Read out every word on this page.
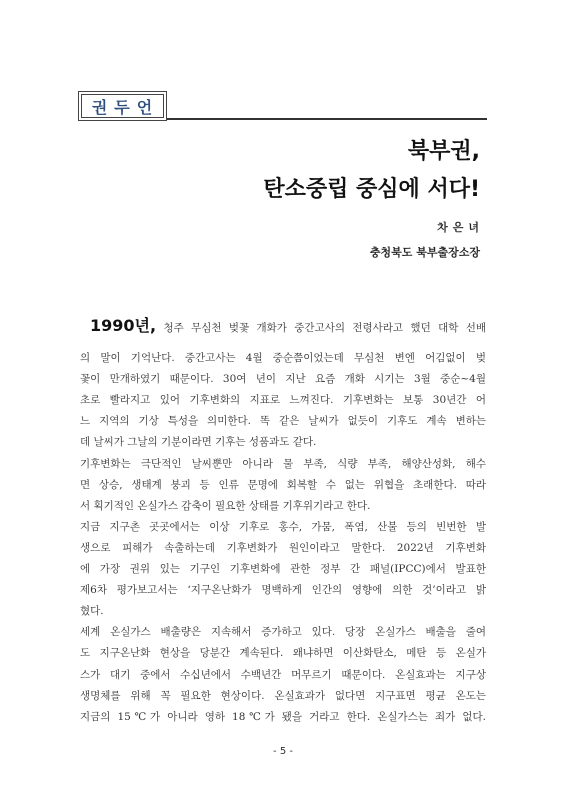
권두언
북부권,
탄소중립 중심에 서다!
차은녀
충청북도 북부출장소장
1990년, 청주 무심천 벚꽃 개화가 중간고사의 전령사라고 했던 대학 선배
의 말이 기억난다. 중간고사는 4월 중순쯤이었는데 무심천 변엔 어김없이 벚
꽃이 만개하였기 때문이다. 30여 년이 지난 요즘 개화 시기는 3월 중순~4월
초로 빨라지고 있어 기후변화의 지표로 느껴진다. 기후변화는 보통 30년간 어
느 지역의 기상 특성을 의미한다. 똑 같은 날씨가 없듯이 기후도 계속 변하는
데 날씨가 그날의 기분이라면 기후는 성품과도 같다.
기후변화는 극단적인 날씨뿐만 아니라 물 부족, 식량 부족, 해양산성화, 해수
면 상승, 생태계 붕괴 등 인류 문명에 회복할 수 없는 위협을 초래한다. 따라
서 획기적인 온실가스 감축이 필요한 상태를 기후위기라고 한다.
지금 지구촌 곳곳에서는 이상 기후로 홍수, 가뭄, 폭염, 산불 등의 빈번한 발
생으로 피해가 속출하는데 기후변화가 원인이라고 말한다. 2022년 기후변화
에 가장 권위 있는 기구인 기후변화에 관한 정부 간 패널(IPCC)에서 발표한
제6차 평가보고서는 ‘지구온난화가 명백하게 인간의 영향에 의한 것’이라고 밝
혔다.
세계 온실가스 배출량은 지속해서 증가하고 있다. 당장 온실가스 배출을 줄여
도 지구온난화 현상을 당분간 계속된다. 왜냐하면 이산화탄소, 메탄 등 온실가
스가 대기 중에서 수십년에서 수백년간 머무르기 때문이다. 온실효과는 지구상
생명체를 위해 꼭 필요한 현상이다. 온실효과가 없다면 지구표면 평균 온도는
지금의 15℃가 아니라 영하 18℃가 됐을 거라고 한다. 온실가스는 죄가 없다.
- 5 -
